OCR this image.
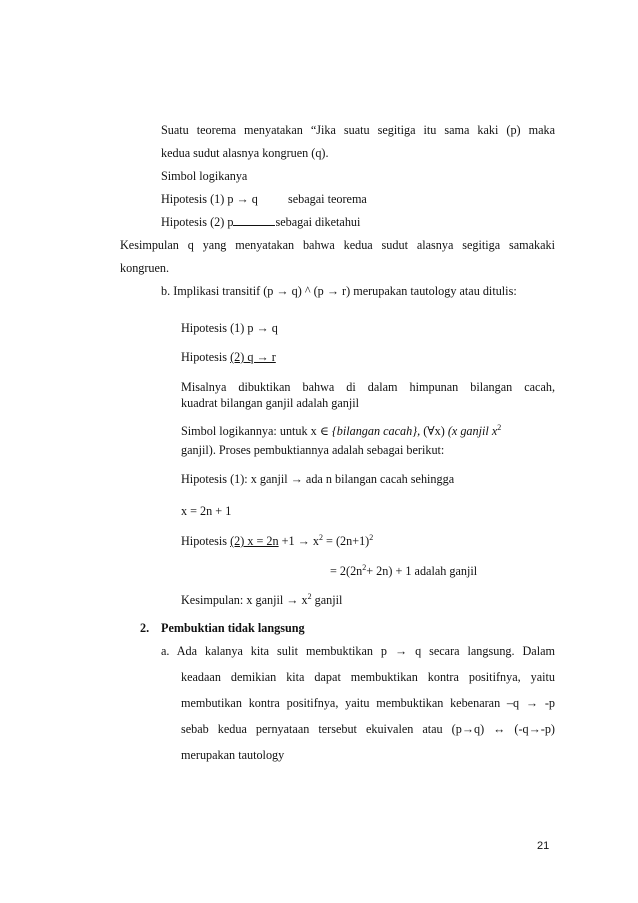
Suatu teorema menyatakan “Jika suatu segitiga itu sama kaki (p) maka
kedua sudut alasnya kongruen (q).
Simbol logikanya
Hipotesis (1) p → q sebagai teorema
Hipotesis (2) p	sebagai diketahui
Kesimpulan q yang menyatakan bahwa kedua sudut alasnya segitiga samakaki
kongruen.
b. Implikasi transitif (p → q) ^ (p → r) merupakan tautology atau ditulis:
Hipotesis (1) p → q
Hipotesis (2) q → r
Misalnya dibuktikan bahwa di dalam himpunan bilangan cacah,
kuadrat bilangan ganjil adalah ganjil
Simbol logikannya: untuk x ∈ {bilangan cacah}, (∀x) (x ganjil $x^2$
ganjil). Proses pembuktiannya adalah sebagai berikut:
Hipotesis (1): x ganjil → ada n bilangan cacah sehingga
x = 2n + 1
Hipotesis (2) $x = 2n +1 \to x^2 = (2n+1)^2$
= $2(2n^2+ 2n) + 1$ adalah ganjil
Kesimpulan: x ganjil → $x^2$ ganjil
2. Pembuktian tidak langsung
a. Ada kalanya kita sulit membuktikan p → q secara langsung. Dalam
keadaan demikian kita dapat membuktikan kontra positifnya, yaitu
membutikan kontra positifnya, yaitu membuktikan kebenaran –q → -p
sebab kedua pernyataan tersebut ekuivalen atau (p→q) ↔ (-q→-p)
merupakan tautology
21
